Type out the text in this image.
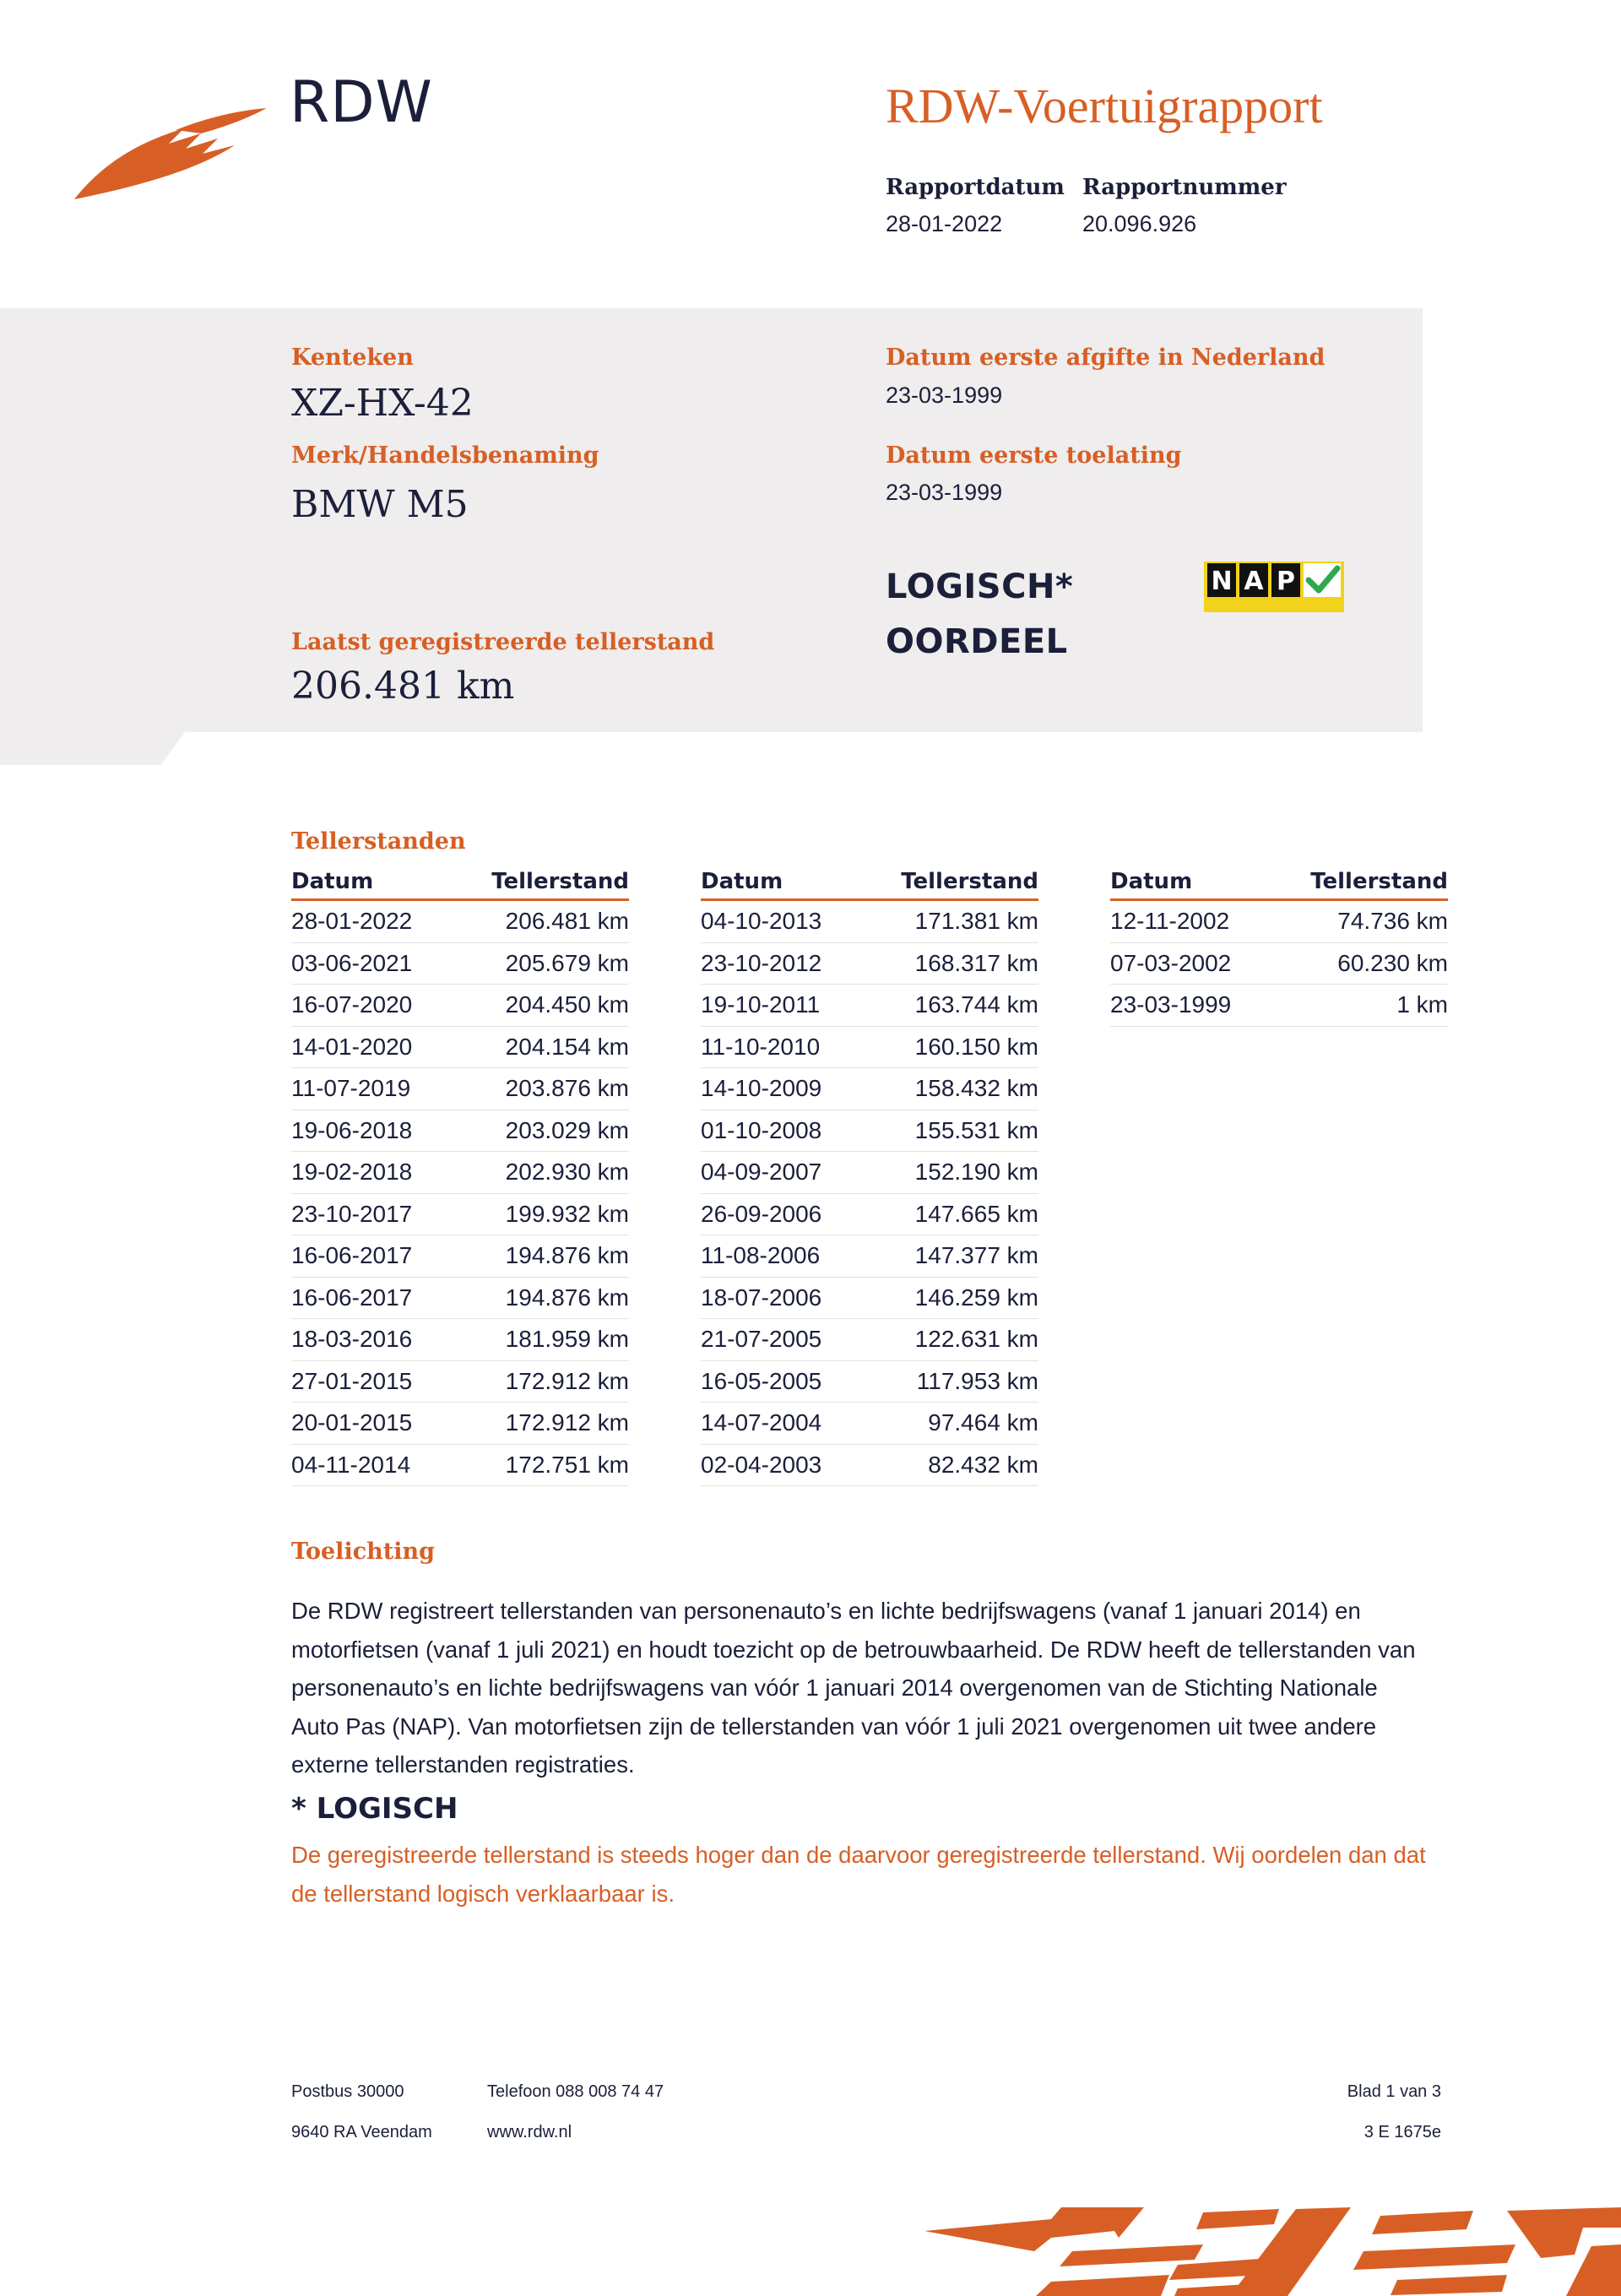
RDW	RDW-Voertuigrapport
Rapportdatum
28-01-2022
Rapportnummer
20.096.926
Kenteken
XZ-HX-42
Merk/Handelsbenaming
BMW M5
Datum eerste afgifte in Nederland
23-03-1999
Datum eerste toelating
23-03-1999
LOGISCH*
OORDEEL
N A P
Laatst geregistreerde tellerstand
206.481 km
Tellerstanden
Datum	Tellerstand
28-01-2022	206.481 km
03-06-2021	205.679 km
16-07-2020	204.450 km
14-01-2020	204.154 km
11-07-2019	203.876 km
19-06-2018	203.029 km
19-02-2018	202.930 km
23-10-2017	199.932 km
16-06-2017	194.876 km
16-06-2017	194.876 km
18-03-2016	181.959 km
27-01-2015	172.912 km
20-01-2015	172.912 km
04-11-2014	172.751 km
Datum	Tellerstand
04-10-2013	171.381 km
23-10-2012	168.317 km
19-10-2011	163.744 km
11-10-2010	160.150 km
14-10-2009	158.432 km
01-10-2008	155.531 km
04-09-2007	152.190 km
26-09-2006	147.665 km
11-08-2006	147.377 km
18-07-2006	146.259 km
21-07-2005	122.631 km
16-05-2005	117.953 km
14-07-2004	97.464 km
02-04-2003	82.432 km
Datum	Tellerstand
12-11-2002	74.736 km
07-03-2002	60.230 km
23-03-1999	1 km
Toelichting
De RDW registreert tellerstanden van personenauto’s en lichte bedrijfswagens (vanaf 1 januari 2014) en motorfietsen (vanaf 1 juli 2021) en houdt toezicht op de betrouwbaarheid. De RDW heeft de tellerstanden van personenauto’s en lichte bedrijfswagens van vóór 1 januari 2014 overgenomen van de Stichting Nationale Auto Pas (NAP). Van motorfietsen zijn de tellerstanden van vóór 1 juli 2021 overgenomen uit twee andere externe tellerstanden registraties.
* LOGISCH
De geregistreerde tellerstand is steeds hoger dan de daarvoor geregistreerde tellerstand. Wij oordelen dan dat de tellerstand logisch verklaarbaar is.
Postbus 30000
9640 RA Veendam
Telefoon 088 008 74 47
www.rdw.nl
Blad 1 van 3
3 E 1675e
